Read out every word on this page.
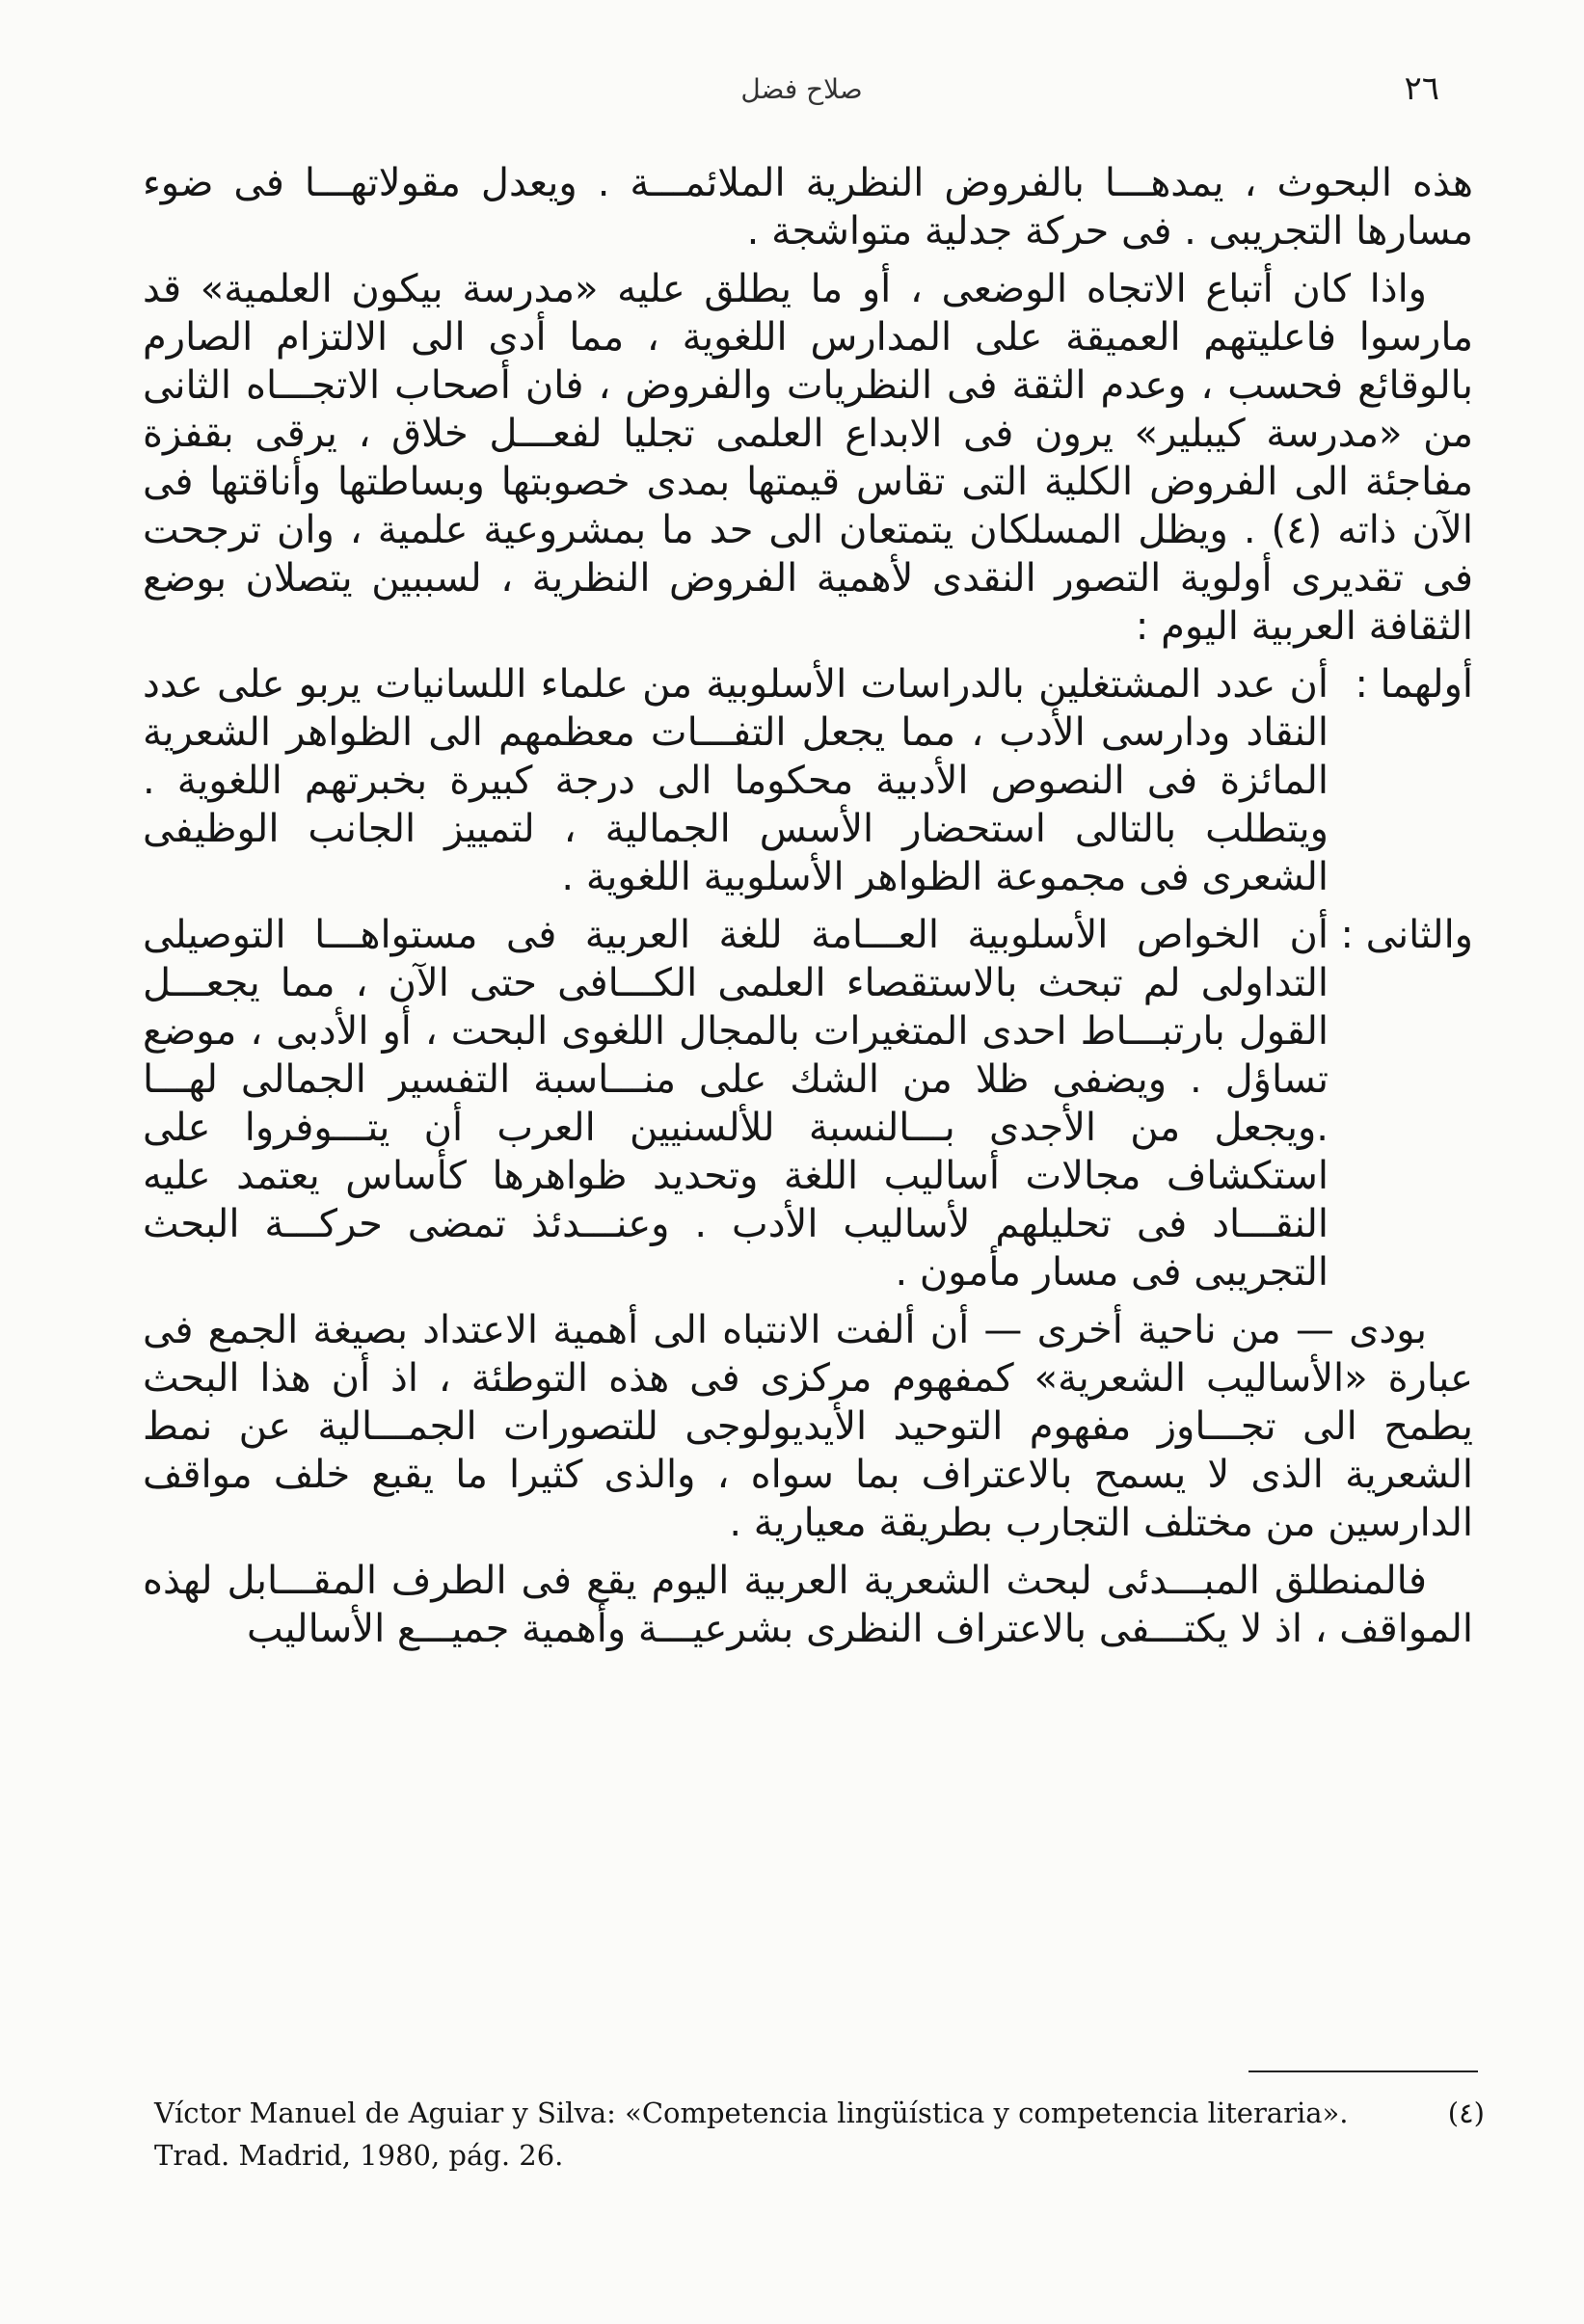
٢٦
صلاح فضل

هذه البحوث ، يمدهـــا بالفروض النظرية الملائمـــة . ويعدل مقولاتهـــا فى ضوء مسارها التجريبى . فى حركة جدلية متواشجة .

واذا كان أتباع الاتجاه الوضعى ، أو ما يطلق عليه «مدرسة بيكون العلمية» قد مارسوا فاعليتهم العميقة على المدارس اللغوية ، مما أدى الى الالتزام الصارم بالوقائع فحسب ، وعدم الثقة فى النظريات والفروض ، فان أصحاب الاتجـــاه الثانى من «مدرسة كيبلير» يرون فى الابداع العلمى تجليا لفعـــل خلاق ، يرقى بقفزة مفاجئة الى الفروض الكلية التى تقاس قيمتها بمدى خصوبتها وبساطتها وأناقتها فى الآن ذاته (٤) . ويظل المسلكان يتمتعان الى حد ما بمشروعية علمية ، وان ترجحت فى تقديرى أولوية التصور النقدى لأهمية الفروض النظرية ، لسببين يتصلان بوضع الثقافة العربية اليوم :

أولهما :
أن عدد المشتغلين بالدراسات الأسلوبية من علماء اللسانيات يربو على عدد النقاد ودارسى الأدب ، مما يجعل التفـــات معظمهم الى الظواهر الشعرية المائزة فى النصوص الأدبية محكوما الى درجة كبيرة بخبرتهم اللغوية . ويتطلب بالتالى استحضار الأسس الجمالية ، لتمييز الجانب الوظيفى الشعرى فى مجموعة الظواهر الأسلوبية اللغوية .
والثانى :
أن الخواص الأسلوبية العـــامة للغة العربية فى مستواهـــا التوصيلى التداولى لم تبحث بالاستقصاء العلمى الكـــافى حتى الآن ، مما يجعـــل القول بارتبـــاط احدى المتغيرات بالمجال اللغوى البحت ، أو الأدبى ، موضع تساؤل . ويضفى ظلا من الشك على منـــاسبة التفسير الجمالى لهـــا .ويجعل من الأجدى بـــالنسبة للألسنيين العرب أن يتـــوفروا على استكشاف مجالات أساليب اللغة وتحديد ظواهرها كأساس يعتمد عليه النقـــاد فى تحليلهم لأساليب الأدب . وعنـــدئذ تمضى حركـــة البحث التجريبى فى مسار مأمون .

بودى — من ناحية أخرى — أن ألفت الانتباه الى أهمية الاعتداد بصيغة الجمع فى عبارة «الأساليب الشعرية» كمفهوم مركزى فى هذه التوطئة ، اذ أن هذا البحث يطمح الى تجـــاوز مفهوم التوحيد الأيديولوجى للتصورات الجمـــالية عن نمط الشعرية الذى لا يسمح بالاعتراف بما سواه ، والذى كثيرا ما يقبع خلف مواقف الدارسين من مختلف التجارب بطريقة معيارية .

فالمنطلق المبـــدئى لبحث الشعرية العربية اليوم يقع فى الطرف المقـــابل لهذه المواقف ، اذ لا يكتـــفى بالاعتراف النظرى بشرعيـــة وأهمية جميـــع الأساليب

Víctor Manuel de Aguiar y Silva: «Competencia lingüística y competencia literaria». Trad. Madrid, 1980, pág. 26.
(٤)
